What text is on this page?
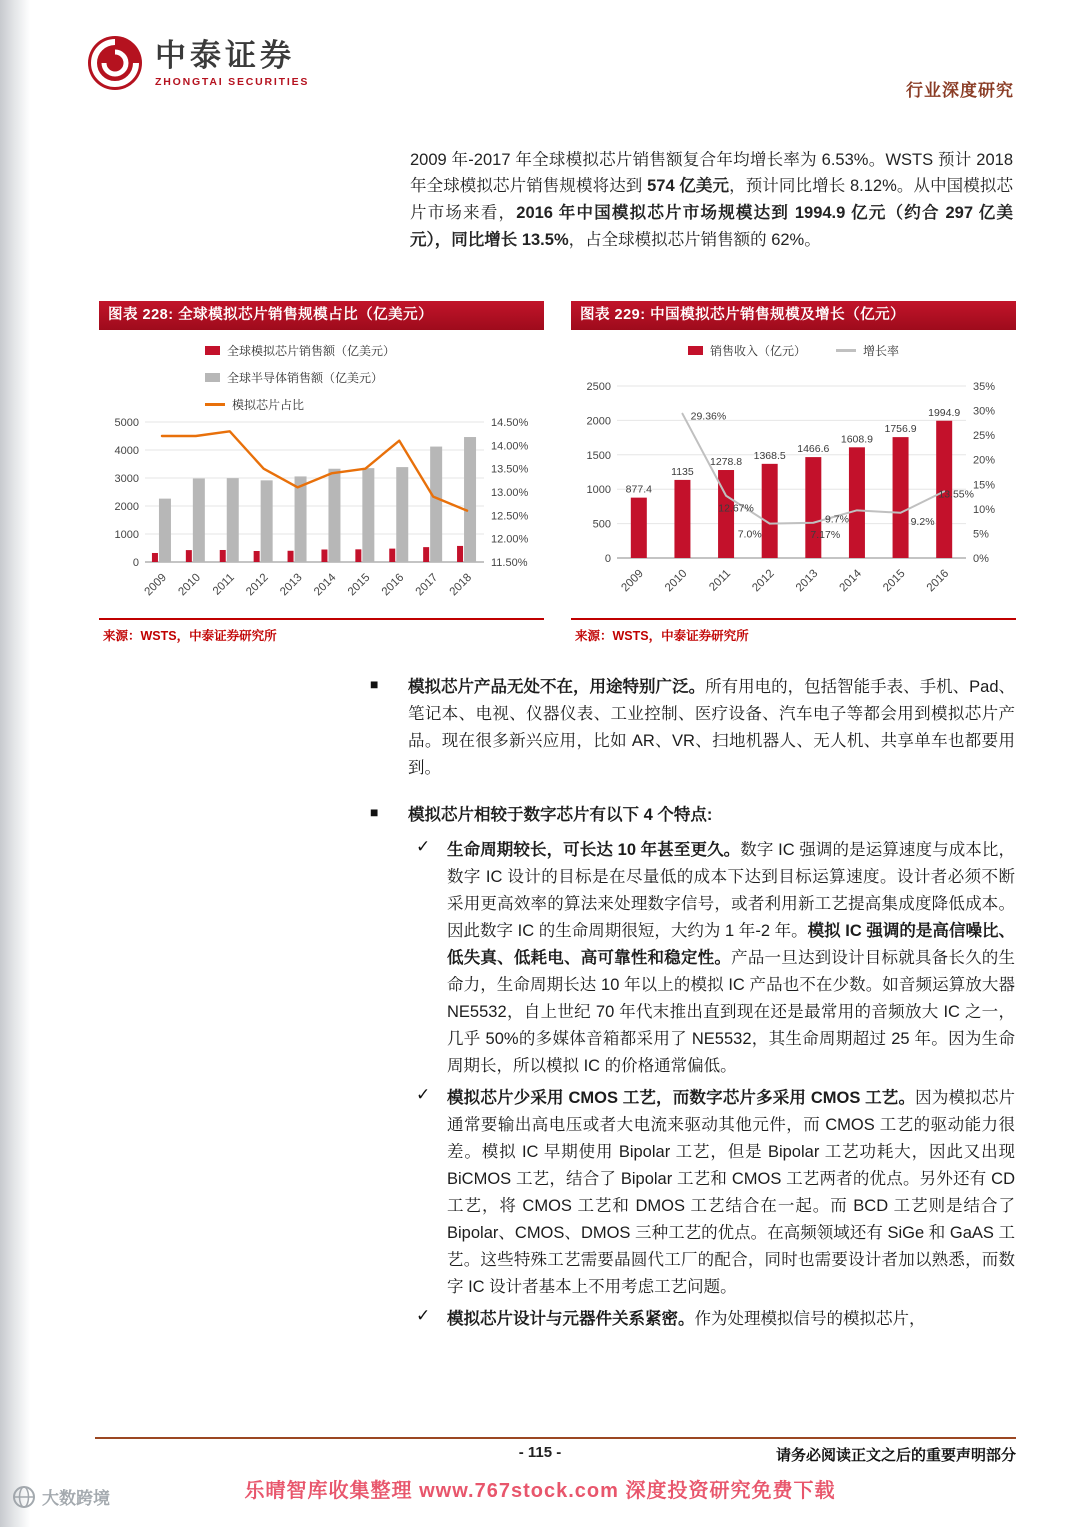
中泰证券
ZHONGTAI SECURITIES	行业深度研究

2009 年-2017 年全球模拟芯片销售额复合年均增长率为 6.53%。WSTS 预计 2018 年全球模拟芯片销售规模将达到 574 亿美元，预计同比增长 8.12%。从中国模拟芯片市场来看，2016 年中国模拟芯片市场规模达到 1994.9 亿元（约合 297 亿美元），同比增长 13.5%，占全球模拟芯片销售额的 62%。

图表 228: 全球模拟芯片销售规模占比（亿美元）
全球模拟芯片销售额（亿美元）
全球半导体销售额（亿美元）
模拟芯片占比
0
1000
2000
3000
4000
5000
11.50%
12.00%
12.50%
13.00%
13.50%
14.00%
14.50%
2009 2010 2011 2012 2013 2014 2015 2016 2017 2018
来源：WSTS，中泰证券研究所
图表 229: 中国模拟芯片销售规模及增长（亿元）
销售收入（亿元）	增长率
0
500
1000
1500
2000
2500
0%
5%
10%
15%
20%
25%
30%
35%
2009 2010 2011 2012 2013 2014 2015 2016
877.4
1135
1278.8
1368.5
1466.6
1608.9
1756.9
1994.9
29.36%
12.67%
7.0%	7.17%
9.7%	9.2%
13.55%
来源：WSTS，中泰证券研究所
■ 模拟芯片产品无处不在，用途特别广泛。所有用电的，包括智能手表、手机、Pad、笔记本、电视、仪器仪表、工业控制、医疗设备、汽车电子等都会用到模拟芯片产品。现在很多新兴应用，比如 AR、VR、扫地机器人、无人机、共享单车也都要用到。

■ 模拟芯片相较于数字芯片有以下 4 个特点:

✓ 生命周期较长，可长达 10 年甚至更久。数字 IC 强调的是运算速度与成本比，数字 IC 设计的目标是在尽量低的成本下达到目标运算速度。设计者必须不断采用更高效率的算法来处理数字信号，或者利用新工艺提高集成度降低成本。因此数字 IC 的生命周期很短，大约为 1 年-2 年。模拟 IC 强调的是高信噪比、低失真、低耗电、高可靠性和稳定性。产品一旦达到设计目标就具备长久的生命力，生命周期长达 10 年以上的模拟 IC 产品也不在少数。如音频运算放大器 NE5532，自上世纪 70 年代末推出直到现在还是最常用的音频放大 IC 之一，几乎 50%的多媒体音箱都采用了 NE5532，其生命周期超过 25 年。因为生命周期长，所以模拟 IC 的价格通常偏低。

✓ 模拟芯片少采用 CMOS 工艺，而数字芯片多采用 CMOS 工艺。因为模拟芯片通常要输出高电压或者大电流来驱动其他元件，而 CMOS 工艺的驱动能力很差。模拟 IC 早期使用 Bipolar 工艺，但是 Bipolar 工艺功耗大，因此又出现 BiCMOS 工艺，结合了 Bipolar 工艺和 CMOS 工艺两者的优点。另外还有 CD 工艺，将 CMOS 工艺和 DMOS 工艺结合在一起。而 BCD 工艺则是结合了 Bipolar、CMOS、DMOS 三种工艺的优点。在高频领域还有 SiGe 和 GaAS 工艺。这些特殊工艺需要晶圆代工厂的配合，同时也需要设计者加以熟悉，而数字 IC 设计者基本上不用考虑工艺问题。

✓ 模拟芯片设计与元器件关系紧密。作为处理模拟信号的模拟芯片，

- 115 -	请务必阅读正文之后的重要声明部分
乐晴智库收集整理 www.767stock.com 深度投资研究免费下载
大数跨境
